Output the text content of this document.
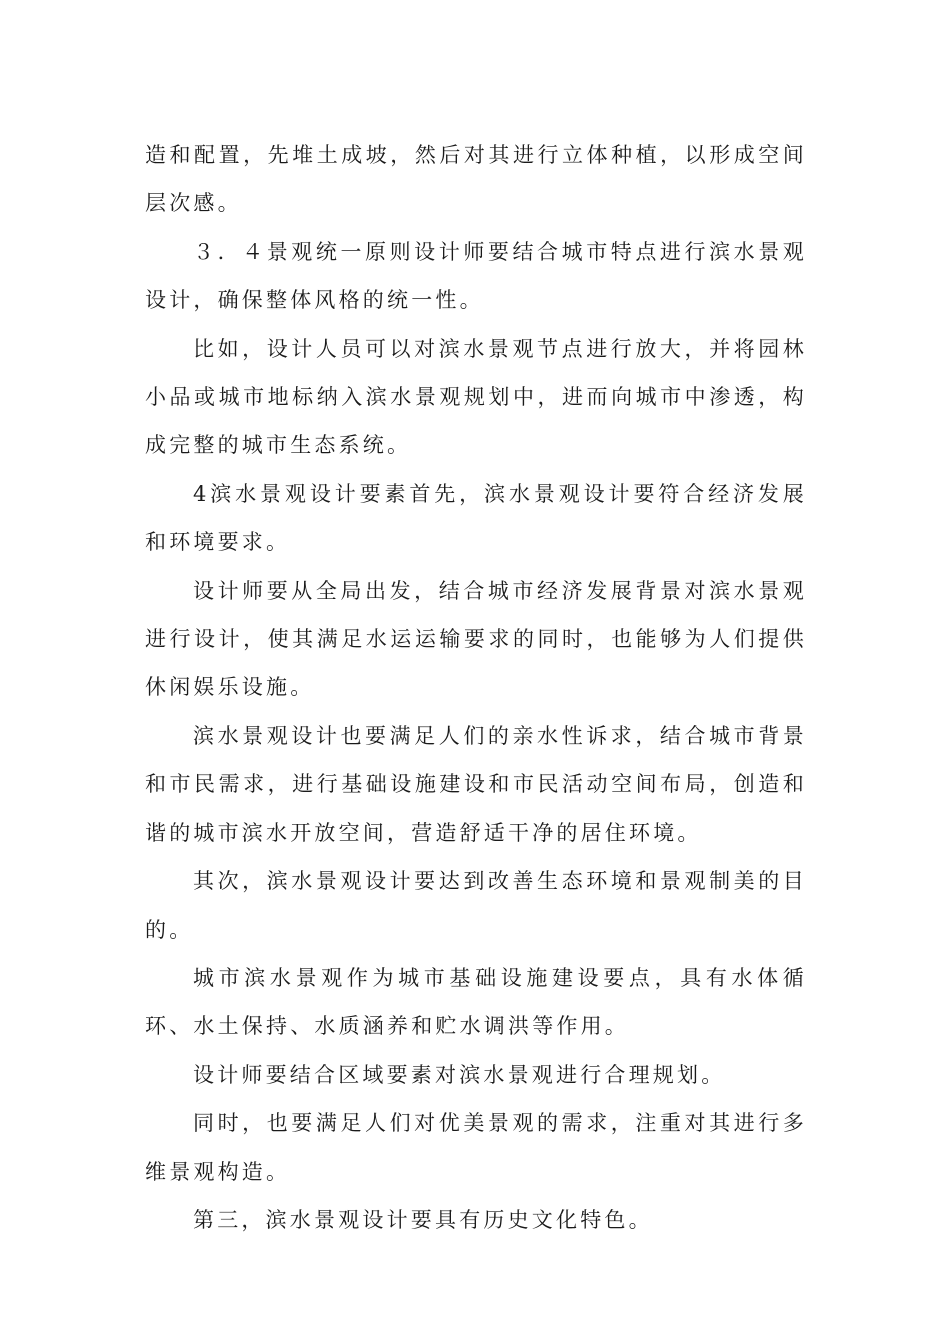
造和配置，先堆土成坡，然后对其进行立体种植，以形成空间层次感。

３．４景观统一原则设计师要结合城市特点进行滨水景观设计，确保整体风格的统一性。

比如，设计人员可以对滨水景观节点进行放大，并将园林小品或城市地标纳入滨水景观规划中，进而向城市中渗透，构成完整的城市生态系统。

4滨水景观设计要素首先，滨水景观设计要符合经济发展和环境要求。

设计师要从全局出发，结合城市经济发展背景对滨水景观进行设计，使其满足水运运输要求的同时，也能够为人们提供休闲娱乐设施。

滨水景观设计也要满足人们的亲水性诉求，结合城市背景和市民需求，进行基础设施建设和市民活动空间布局，创造和谐的城市滨水开放空间，营造舒适干净的居住环境。

其次，滨水景观设计要达到改善生态环境和景观制美的目的。

城市滨水景观作为城市基础设施建设要点，具有水体循环、水土保持、水质涵养和贮水调洪等作用。

设计师要结合区域要素对滨水景观进行合理规划。

同时，也要满足人们对优美景观的需求，注重对其进行多维景观构造。

第三，滨水景观设计要具有历史文化特色。
